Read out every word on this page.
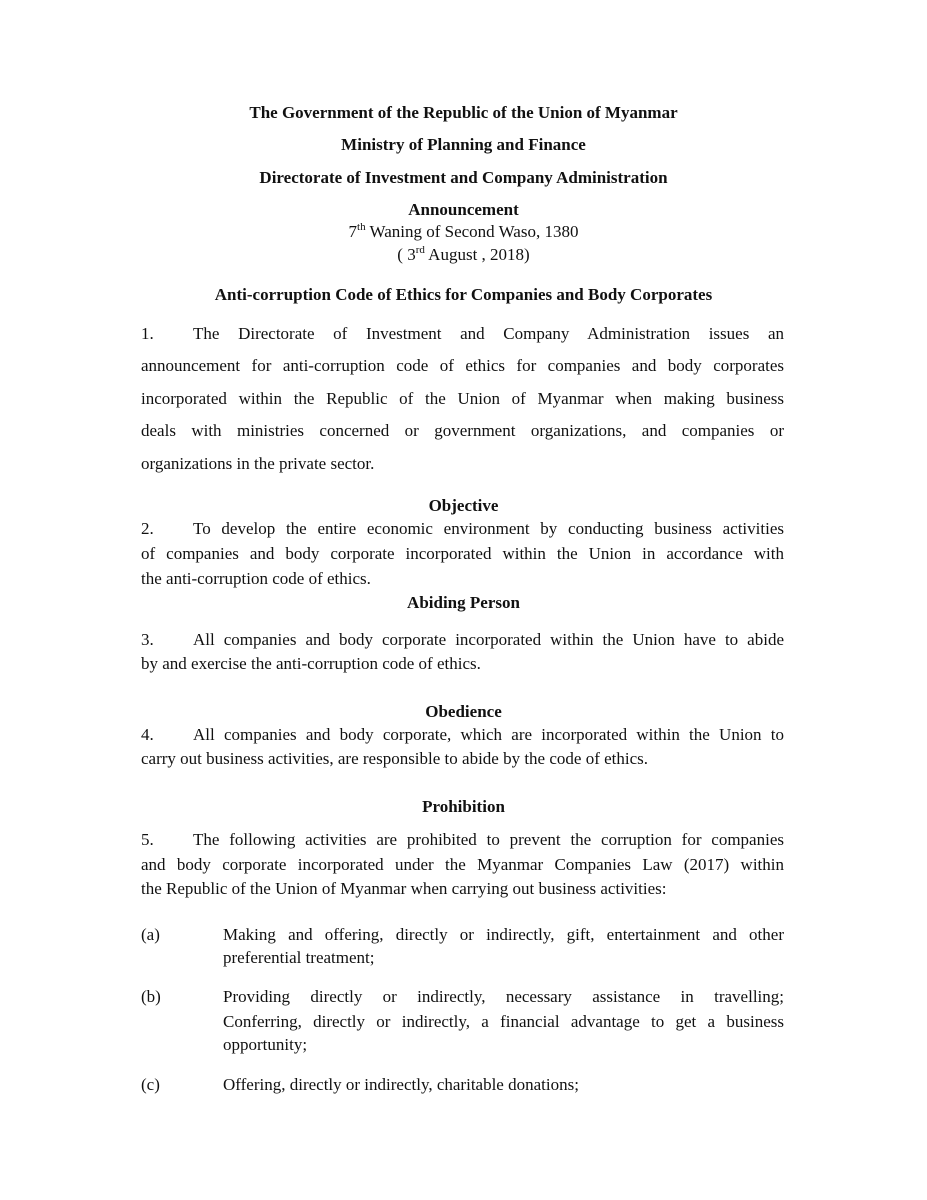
The Government of the Republic of the Union of Myanmar
Ministry of Planning and Finance
Directorate of Investment and Company Administration
Announcement
7th Waning of Second Waso, 1380
( 3rd August , 2018)
Anti-corruption Code of Ethics for Companies and Body Corporates
1. The Directorate of Investment and Company Administration issues an
announcement for anti-corruption code of ethics for companies and body corporates
incorporated within the Republic of the Union of Myanmar when making business
deals with ministries concerned or government organizations, and companies or
organizations in the private sector.
Objective
2. To develop the entire economic environment by conducting business activities
of companies and body corporate incorporated within the Union in accordance with
the anti-corruption code of ethics.
Abiding Person
3. All companies and body corporate incorporated within the Union have to abide
by and exercise the anti-corruption code of ethics.
Obedience
4. All companies and body corporate, which are incorporated within the Union to
carry out business activities, are responsible to abide by the code of ethics.
Prohibition
5. The following activities are prohibited to prevent the corruption for companies
and body corporate incorporated under the Myanmar Companies Law (2017) within
the Republic of the Union of Myanmar when carrying out business activities:
(a)	Making and offering, directly or indirectly, gift, entertainment and other
preferential treatment;
(b)	Providing directly or indirectly, necessary assistance in travelling;
Conferring, directly or indirectly, a financial advantage to get a business
opportunity;
(c)	Offering, directly or indirectly, charitable donations;
